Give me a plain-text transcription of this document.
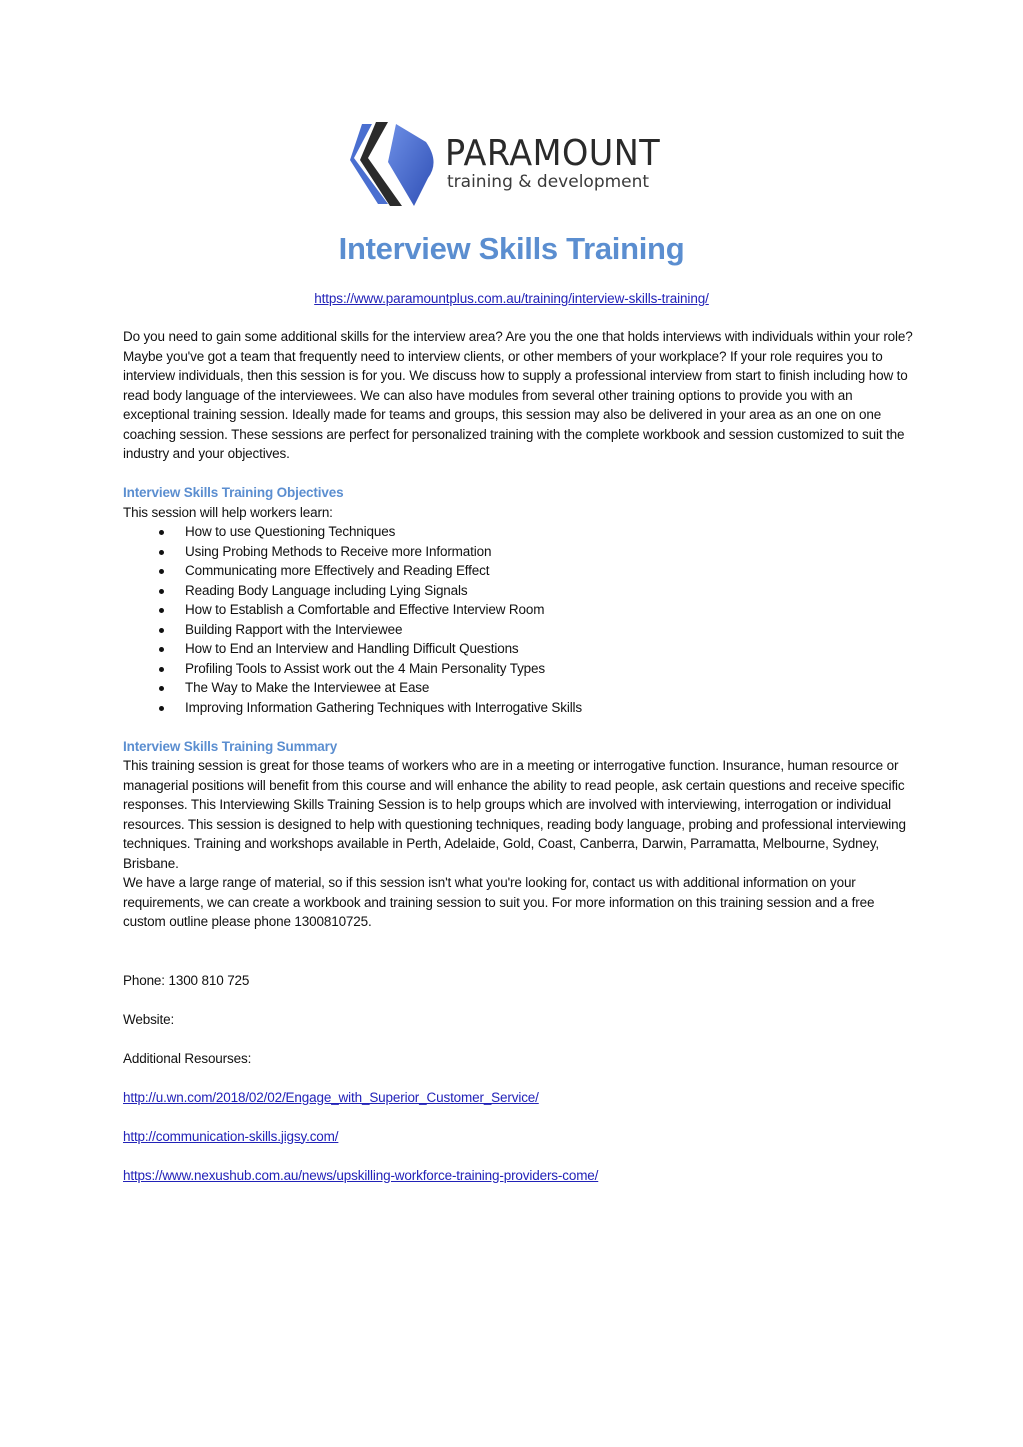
PARAMOUNT
training & development
Interview Skills Training
https://www.paramountplus.com.au/training/interview-skills-training/

Do you need to gain some additional skills for the interview area? Are you the one that holds interviews with individuals within your role? Maybe you've got a team that frequently need to interview clients, or other members of your workplace? If your role requires you to interview individuals, then this session is for you. We discuss how to supply a professional interview from start to finish including how to read body language of the interviewees. We can also have modules from several other training options to provide you with an exceptional training session. Ideally made for teams and groups, this session may also be delivered in your area as an one on one coaching session. These sessions are perfect for personalized training with the complete workbook and session customized to suit the industry and your objectives.

Interview Skills Training Objectives

This session will help workers learn:

How to use Questioning Techniques
Using Probing Methods to Receive more Information
Communicating more Effectively and Reading Effect
Reading Body Language including Lying Signals
How to Establish a Comfortable and Effective Interview Room
Building Rapport with the Interviewee
How to End an Interview and Handling Difficult Questions
Profiling Tools to Assist work out the 4 Main Personality Types
The Way to Make the Interviewee at Ease
Improving Information Gathering Techniques with Interrogative Skills

Interview Skills Training Summary

This training session is great for those teams of workers who are in a meeting or interrogative function. Insurance, human resource or managerial positions will benefit from this course and will enhance the ability to read people, ask certain questions and receive specific responses. This Interviewing Skills Training Session is to help groups which are involved with interviewing, interrogation or individual resources. This session is designed to help with questioning techniques, reading body language, probing and professional interviewing techniques. Training and workshops available in Perth, Adelaide, Gold, Coast, Canberra, Darwin, Parramatta, Melbourne, Sydney, Brisbane.

We have a large range of material, so if this session isn't what you're looking for, contact us with additional information on your requirements, we can create a workbook and training session to suit you. For more information on this training session and a free custom outline please phone 1300810725.

Phone: 1300 810 725

Website:

Additional Resourses:

http://u.wn.com/2018/02/02/Engage_with_Superior_Customer_Service/

http://communication-skills.jigsy.com/

https://www.nexushub.com.au/news/upskilling-workforce-training-providers-come/
